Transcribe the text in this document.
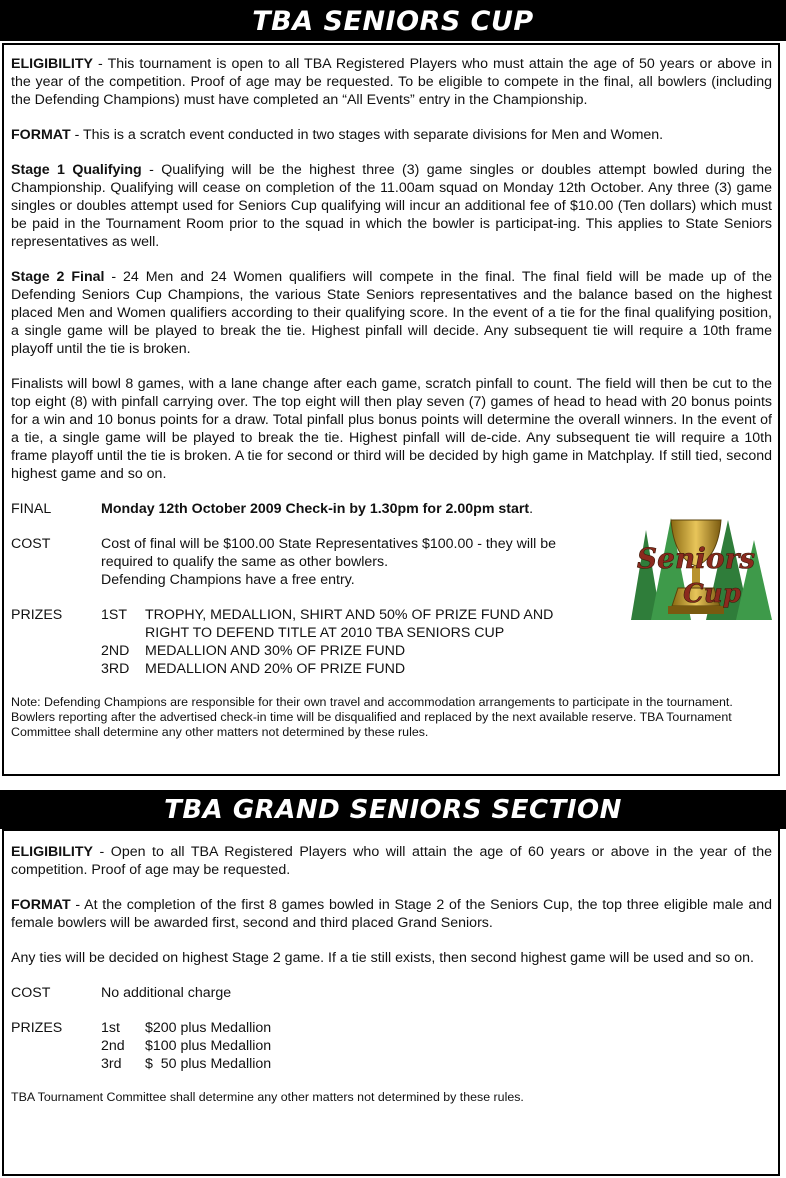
TBA SENIORS CUP

ELIGIBILITY - This tournament is open to all TBA Registered Players who must attain the age of 50 years or above in the year of the competition. Proof of age may be requested. To be eligible to compete in the final, all bowlers (including the Defending Champions) must have completed an “All Events” entry in the Championship.

FORMAT - This is a scratch event conducted in two stages with separate divisions for Men and Women.

Stage 1 Qualifying - Qualifying will be the highest three (3) game singles or doubles attempt bowled during the Championship. Qualifying will cease on completion of the 11.00am squad on Monday 12th October. Any three (3) game singles or doubles attempt used for Seniors Cup qualifying will incur an additional fee of $10.00 (Ten dollars) which must be paid in the Tournament Room prior to the squad in which the bowler is participat-ing. This applies to State Seniors representatives as well.

Stage 2 Final - 24 Men and 24 Women qualifiers will compete in the final. The final field will be made up of the Defending Seniors Cup Champions, the various State Seniors representatives and the balance based on the highest placed Men and Women qualifiers according to their qualifying score. In the event of a tie for the final qualifying position, a single game will be played to break the tie. Highest pinfall will decide. Any subsequent tie will require a 10th frame playoff until the tie is broken.

Finalists will bowl 8 games, with a lane change after each game, scratch pinfall to count. The field will then be cut to the top eight (8) with pinfall carrying over. The top eight will then play seven (7) games of head to head with 20 bonus points for a win and 10 bonus points for a draw. Total pinfall plus bonus points will determine the overall winners. In the event of a tie, a single game will be played to break the tie. Highest pinfall will de-cide. Any subsequent tie will require a 10th frame playoff until the tie is broken. A tie for second or third will be decided by high game in Matchplay. If still tied, second highest game and so on.

FINAL	Monday 12th October 2009 Check-in by 1.30pm for 2.00pm start.
COST	Cost of final will be $100.00 State Representatives $100.00 - they will be
required to qualify the same as other bowlers.
Defending Champions have a free entry.
PRIZES	1ST	TROPHY, MEDALLION, SHIRT AND 50% OF PRIZE FUND AND
RIGHT TO DEFEND TITLE AT 2010 TBA SENIORS CUP
2ND	MEDALLION AND 30% OF PRIZE FUND
3RD	MEDALLION AND 20% OF PRIZE FUND
Note: Defending Champions are responsible for their own travel and accommodation arrangements to participate in the tournament.
Bowlers reporting after the advertised check-in time will be disqualified and replaced by the next available reserve. TBA Tournament Committee shall determine any other matters not determined by these rules.
Seniors
Cup
TBA GRAND SENIORS SECTION

ELIGIBILITY - Open to all TBA Registered Players who will attain the age of 60 years or above in the year of the competition. Proof of age may be requested.

FORMAT - At the completion of the first 8 games bowled in Stage 2 of the Seniors Cup, the top three eligible male and female bowlers will be awarded first, second and third placed Grand Seniors.

Any ties will be decided on highest Stage 2 game. If a tie still exists, then second highest game will be used and so on.

COST	No additional charge
PRIZES	1st	$200 plus Medallion
2nd	$100 plus Medallion
3rd	$  50 plus Medallion
TBA Tournament Committee shall determine any other matters not determined by these rules.
